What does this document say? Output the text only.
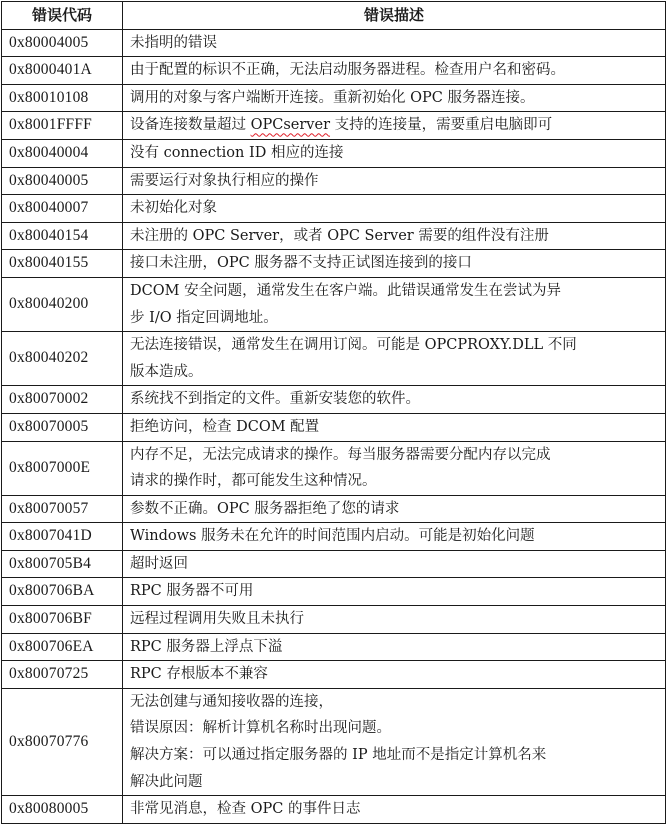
错误代码	错误描述
0x80004005	未指明的错误

0x8000401A	由于配置的标识不正确，无法启动服务器进程。检查用户名和密码。

0x80010108	调用的对象与客户端断开连接。重新初始化 OPC 服务器连接。

0x8001FFFF	设备连接数量超过 OPCserver 支持的连接量，需要重启电脑即可
0x80040004	没有 connection ID 相应的连接

0x80040005	需要运行对象执行相应的操作

0x80040007	未初始化对象

0x80040154	未注册的 OPC Server，或者 OPC Server 需要的组件没有注册

0x80040155	接口未注册，OPC 服务器不支持正试图连接到的接口

0x80040200	DCOM 安全问题，通常发生在客户端。此错误通常发生在尝试为异
步 I/O 指定回调地址。

0x80040202	无法连接错误，通常发生在调用订阅。可能是 OPCPROXY.DLL 不同
版本造成。

0x80070002	系统找不到指定的文件。重新安装您的软件。

0x80070005	拒绝访问，检查 DCOM 配置

0x8007000E	内存不足，无法完成请求的操作。每当服务器需要分配内存以完成
请求的操作时，都可能发生这种情况。

0x80070057	参数不正确。OPC 服务器拒绝了您的请求

0x8007041D	Windows 服务未在允许的时间范围内启动。可能是初始化问题

0x800705B4	超时返回

0x800706BA	RPC 服务器不可用

0x800706BF	远程过程调用失败且未执行

0x800706EA	RPC 服务器上浮点下溢

0x80070725	RPC 存根版本不兼容

0x80070776	无法创建与通知接收器的连接，
错误原因：解析计算机名称时出现问题。
解决方案：可以通过指定服务器的 IP 地址而不是指定计算机名来
解决此问题

0x80080005	非常见消息，检查 OPC 的事件日志
